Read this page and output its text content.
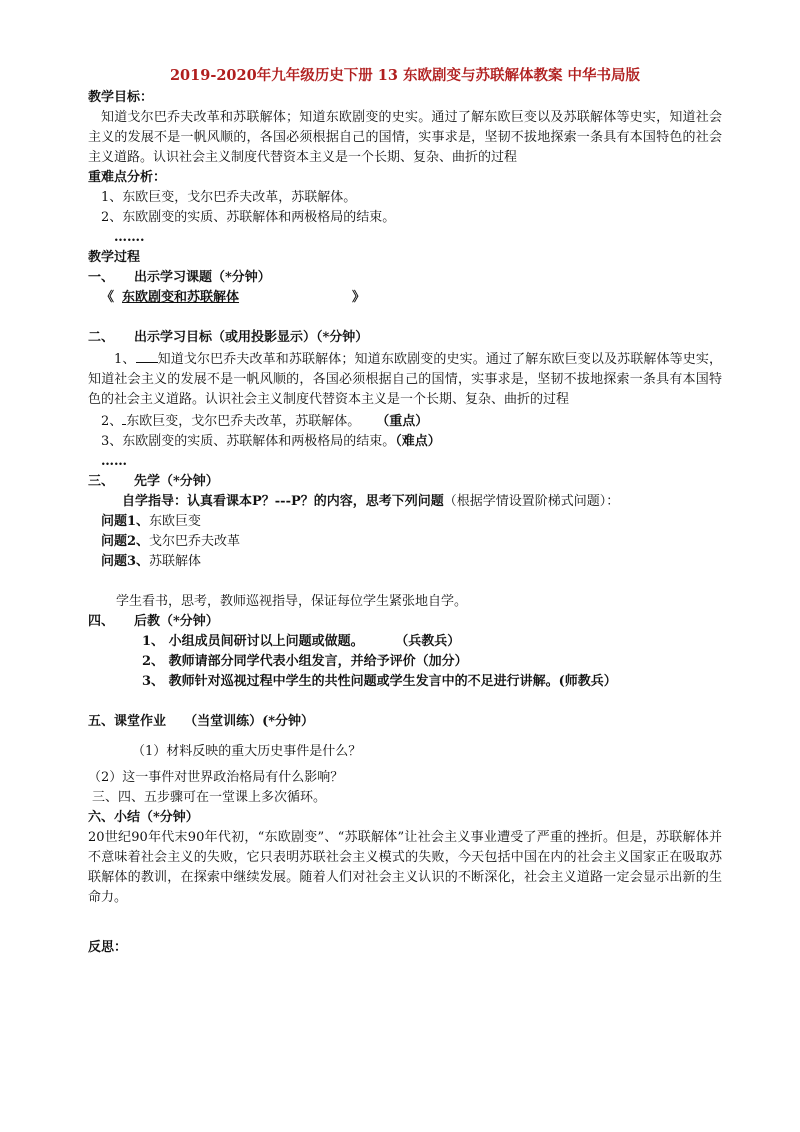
2019-2020年九年级历史下册 13 东欧剧变与苏联解体教案 中华书局版
教学目标：
知道戈尔巴乔夫改革和苏联解体；知道东欧剧变的史实。通过了解东欧巨变以及苏联解体等史实，知道社会主义的发展不是一帆风顺的，各国必须根据自己的国情，实事求是，坚韧不拔地探索一条具有本国特色的社会主义道路。认识社会主义制度代替资本主义是一个长期、复杂、曲折的过程
重难点分析：
1、东欧巨变，戈尔巴乔夫改革，苏联解体。
2、东欧剧变的实质、苏联解体和两极格局的结束。
…….
教学过程
一、 出示学习课题（*分钟）
《 东欧剧变和苏联解体	》
二、 出示学习目标（或用投影显示）（*分钟）
1、 知道戈尔巴乔夫改革和苏联解体；知道东欧剧变的史实。通过了解东欧巨变以及苏联解体等史实，知道社会主义的发展不是一帆风顺的，各国必须根据自己的国情，实事求是，坚韧不拔地探索一条具有本国特色的社会主义道路。认识社会主义制度代替资本主义是一个长期、复杂、曲折的过程
2、 东欧巨变，戈尔巴乔夫改革，苏联解体。 （重点）
3、东欧剧变的实质、苏联解体和两极格局的结束。（难点）
……
三、 先学（*分钟）
自学指导：认真看课本P？---P？的内容，思考下列问题（根据学情设置阶梯式问题）：
问题1、东欧巨变
问题2、戈尔巴乔夫改革
问题3、苏联解体
学生看书，思考，教师巡视指导，保证每位学生紧张地自学。
四、 后教（*分钟）
1、 小组成员间研讨以上问题或做题。       （兵教兵）
2、 教师请部分同学代表小组发言，并给予评价（加分）
3、 教师针对巡视过程中学生的共性问题或学生发言中的不足进行讲解。(师教兵）
五、课堂作业    （当堂训练）(*分钟）
（1）材料反映的重大历史事件是什么？
（2）这一事件对世界政治格局有什么影响？
三、四、五步骤可在一堂课上多次循环。
六、小结（*分钟）
20世纪90年代末90年代初，“东欧剧变”、“苏联解体”让社会主义事业遭受了严重的挫折。但是，苏联解体并不意味着社会主义的失败，它只表明苏联社会主义模式的失败，今天包括中国在内的社会主义国家正在吸取苏联解体的教训，在探索中继续发展。随着人们对社会主义认识的不断深化，社会主义道路一定会显示出新的生命力。
反思：
